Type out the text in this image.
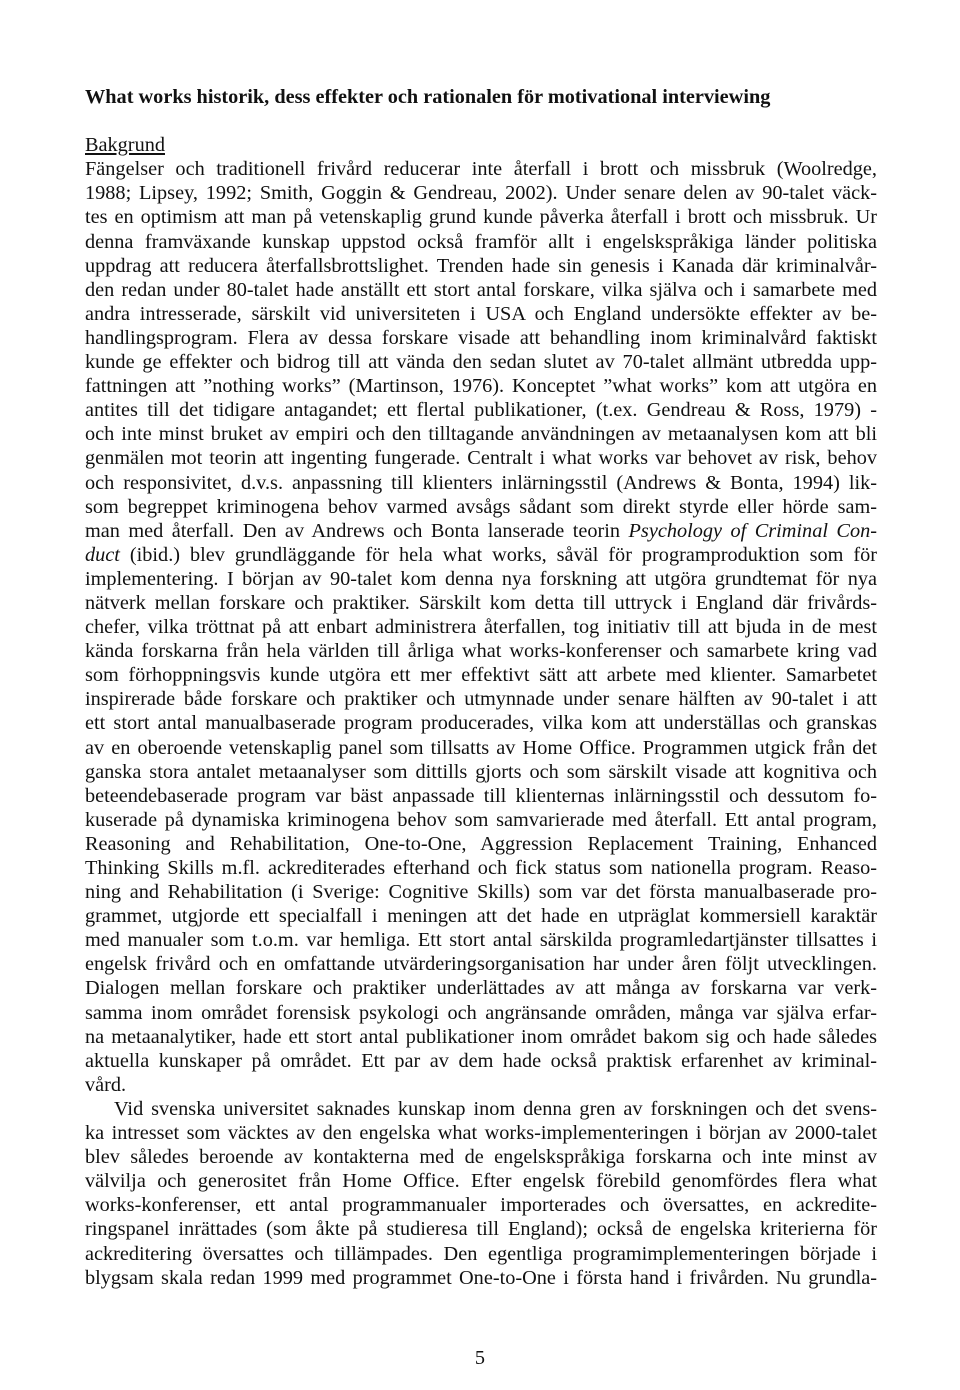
What works historik, dess effekter och rationalen för motivational interviewing
Bakgrund
Fängelser och traditionell frivård reducerar inte återfall i brott och missbruk (Woolredge,
1988; Lipsey, 1992; Smith, Goggin & Gendreau, 2002). Under senare delen av 90-talet väck-
tes en optimism att man på vetenskaplig grund kunde påverka återfall i brott och missbruk. Ur
denna framväxande kunskap uppstod också framför allt i engelskspråkiga länder politiska
uppdrag att reducera återfallsbrottslighet. Trenden hade sin genesis i Kanada där kriminalvår-
den redan under 80-talet hade anställt ett stort antal forskare, vilka själva och i samarbete med
andra intresserade, särskilt vid universiteten i USA och England undersökte effekter av be-
handlingsprogram. Flera av dessa forskare visade att behandling inom kriminalvård faktiskt
kunde ge effekter och bidrog till att vända den sedan slutet av 70-talet allmänt utbredda upp-
fattningen att ”nothing works” (Martinson, 1976). Konceptet ”what works” kom att utgöra en
antites till det tidigare antagandet; ett flertal publikationer, (t.ex. Gendreau & Ross, 1979) -
och inte minst bruket av empiri och den tilltagande användningen av metaanalysen kom att bli
genmälen mot teorin att ingenting fungerade. Centralt i what works var behovet av risk, behov
och responsivitet, d.v.s. anpassning till klienters inlärningsstil (Andrews & Bonta, 1994) lik-
som begreppet kriminogena behov varmed avsågs sådant som direkt styrde eller hörde sam-
man med återfall. Den av Andrews och Bonta lanserade teorin Psychology of Criminal Con-
duct (ibid.) blev grundläggande för hela what works, såväl för programproduktion som för
implementering. I början av 90-talet kom denna nya forskning att utgöra grundtemat för nya
nätverk mellan forskare och praktiker. Särskilt kom detta till uttryck i England där frivårds-
chefer, vilka tröttnat på att enbart administrera återfallen, tog initiativ till att bjuda in de mest
kända forskarna från hela världen till årliga what works-konferenser och samarbete kring vad
som förhoppningsvis kunde utgöra ett mer effektivt sätt att arbete med klienter. Samarbetet
inspirerade både forskare och praktiker och utmynnade under senare hälften av 90-talet i att
ett stort antal manualbaserade program producerades, vilka kom att underställas och granskas
av en oberoende vetenskaplig panel som tillsatts av Home Office. Programmen utgick från det
ganska stora antalet metaanalyser som dittills gjorts och som särskilt visade att kognitiva och
beteendebaserade program var bäst anpassade till klienternas inlärningsstil och dessutom fo-
kuserade på dynamiska kriminogena behov som samvarierade med återfall. Ett antal program,
Reasoning and Rehabilitation, One-to-One, Aggression Replacement Training, Enhanced
Thinking Skills m.fl. ackrediterades efterhand och fick status som nationella program. Reaso-
ning and Rehabilitation (i Sverige: Cognitive Skills) som var det första manualbaserade pro-
grammet, utgjorde ett specialfall i meningen att det hade en utpräglat kommersiell karaktär
med manualer som t.o.m. var hemliga. Ett stort antal särskilda programledartjänster tillsattes i
engelsk frivård och en omfattande utvärderingsorganisation har under åren följt utvecklingen.
Dialogen mellan forskare och praktiker underlättades av att många av forskarna var verk-
samma inom området forensisk psykologi och angränsande områden, många var själva erfar-
na metaanalytiker, hade ett stort antal publikationer inom området bakom sig och hade således
aktuella kunskaper på området. Ett par av dem hade också praktisk erfarenhet av kriminal-
vård.
Vid svenska universitet saknades kunskap inom denna gren av forskningen och det svens-
ka intresset som väcktes av den engelska what works-implementeringen i början av 2000-talet
blev således beroende av kontakterna med de engelskspråkiga forskarna och inte minst av
välvilja och generositet från Home Office. Efter engelsk förebild genomfördes flera what
works-konferenser, ett antal programmanualer importerades och översattes, en ackredite-
ringspanel inrättades (som åkte på studieresa till England); också de engelska kriterierna för
ackreditering översattes och tillämpades. Den egentliga programimplementeringen började i
blygsam skala redan 1999 med programmet One-to-One i första hand i frivården. Nu grundla-
5
